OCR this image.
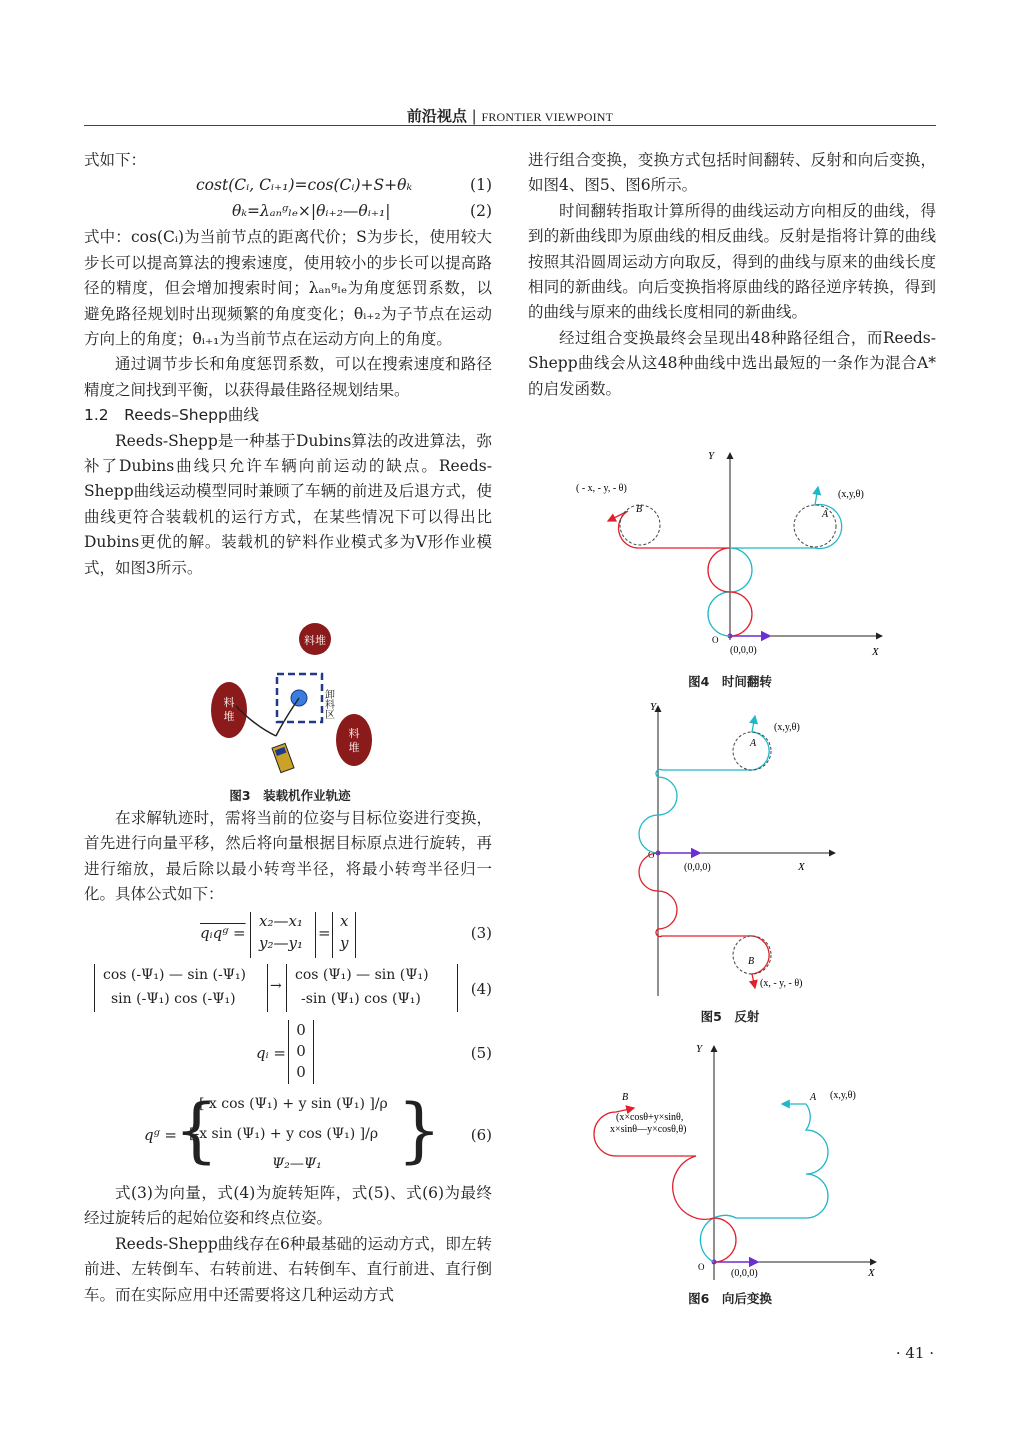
前沿视点 | FRONTIER VIEWPOINT

式如下：

cost(Cᵢ, Cᵢ₊₁)=cos(Cᵢ)+S+θₖ	(1)
θₖ=λₐₙᵍₗₑ×|θᵢ₊₂—θᵢ₊₁|	(2)

式中：cos(Cᵢ)为当前节点的距离代价；S为步长，使用较大步长可以提高算法的搜索速度，使用较小的步长可以提高路径的精度，但会增加搜索时间；λₐₙᵍₗₑ为角度惩罚系数，以避免路径规划时出现频繁的角度变化；θᵢ₊₂为子节点在运动方向上的角度；θᵢ₊₁为当前节点在运动方向上的角度。

通过调节步长和角度惩罚系数，可以在搜索速度和路径精度之间找到平衡，以获得最佳路径规划结果。

1.2　Reeds–Shepp曲线

Reeds-Shepp是一种基于Dubins算法的改进算法，弥补了Dubins曲线只允许车辆向前运动的缺点。Reeds-Shepp曲线运动模型同时兼顾了车辆的前进及后退方式，使曲线更符合装载机的运行方式，在某些情况下可以得出比Dubins更优的解。装载机的铲料作业模式多为V形作业模式，如图3所示。

料堆
料
堆
料
堆
卸料区
图3　装载机作业轨迹

在求解轨迹时，需将当前的位姿与目标位姿进行变换，首先进行向量平移，然后将向量根据目标原点进行旋转，再进行缩放，最后除以最小转弯半径，将最小转弯半径归一化。具体公式如下：

qᵢqᵍ =
x₂—x₁
y₂—y₁
=
x
y
(3)
cos (-Ψ₁) — sin (-Ψ₁)
sin (-Ψ₁) cos (-Ψ₁)
→
cos (Ψ₁) — sin (Ψ₁)
-sin (Ψ₁) cos (Ψ₁)
(4)
qᵢ =
0
0
0
(5)
qᵍ =
{
[ x cos (Ψ₁) + y sin (Ψ₁) ]/ρ
[-x sin (Ψ₁) + y cos (Ψ₁) ]/ρ
Ψ₂—Ψ₁ } (6)

式(3)为向量，式(4)为旋转矩阵，式(5)、式(6)为最终经过旋转后的起始位姿和终点位姿。

Reeds-Shepp曲线存在6种最基础的运动方式，即左转前进、左转倒车、右转前进、右转倒车、直行前进、直行倒车。而在实际应用中还需要将这几种运动方式

进行组合变换，变换方式包括时间翻转、反射和向后变换，如图4、图5、图6所示。

时间翻转指取计算所得的曲线运动方向相反的曲线，得到的新曲线即为原曲线的相反曲线。反射是指将计算的曲线按照其沿圆周运动方向取反，得到的曲线与原来的曲线长度相同的新曲线。向后变换指将原曲线的路径逆序转换，得到的曲线与原来的曲线长度相同的新曲线。

经过组合变换最终会呈现出48种路径组合，而Reeds-Shepp曲线会从这48种曲线中选出最短的一条作为混合A*的启发函数。

Y
X
O
(0,0,0)
A
B
(x,y,θ)
( - x, - y, - θ)
图4　时间翻转
Y
X
O
(0,0,0)
A
B
(x,y,θ)
(x, - y, - θ)
图5　反射
Y
X
O
(0,0,0)
A
B	(x,y,θ)
(x×cosθ+y×sinθ,
x×sinθ—y×cosθ,θ)
图6　向后变换
· 41 ·
